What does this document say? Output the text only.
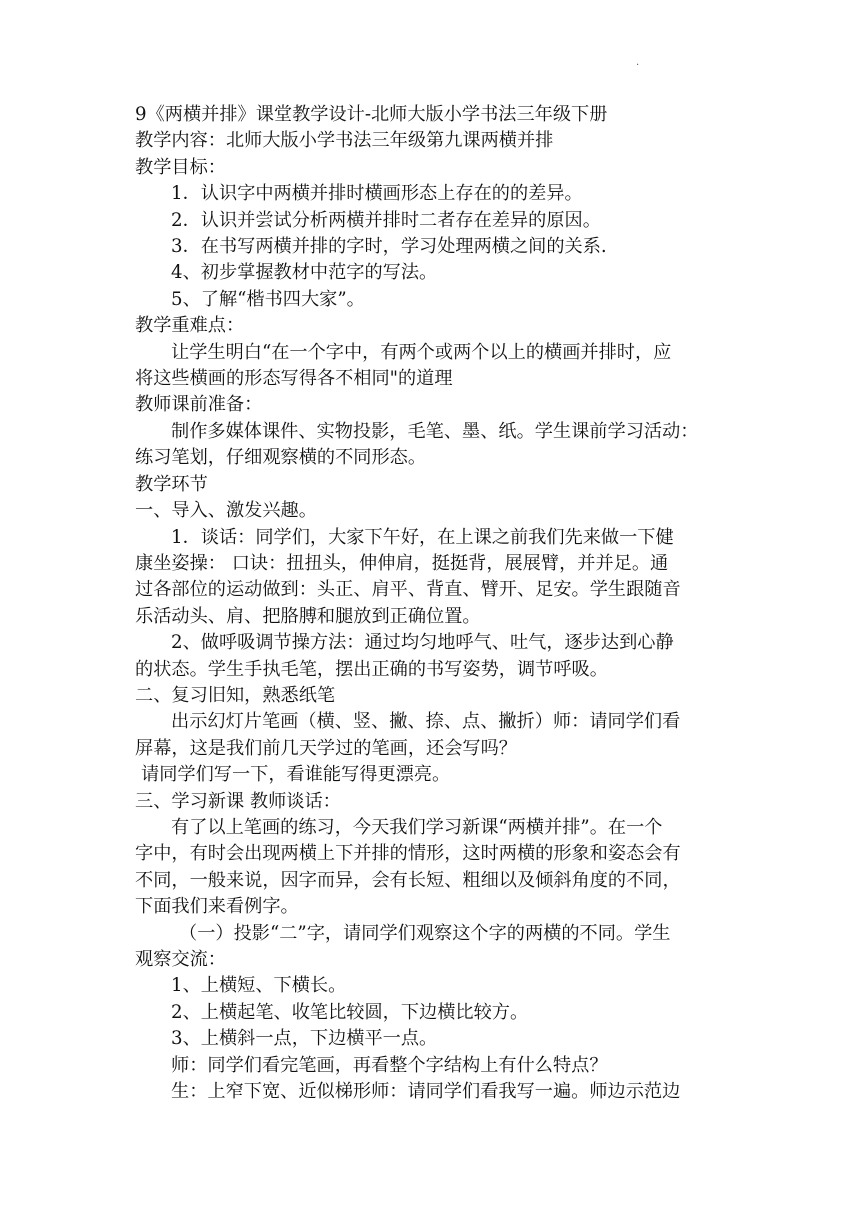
.

9《两横并排》课堂教学设计-北师大版小学书法三年级下册

教学内容：北师大版小学书法三年级第九课两横并排

教学目标：

1．认识字中两横并排时横画形态上存在的的差异。

2．认识并尝试分析两横并排时二者存在差异的原因。

3．在书写两横并排的字时，学习处理两横之间的关系.

4、初步掌握教材中范字的写法。

5、了解“楷书四大家”。

教学重难点：

让学生明白“在一个字中，有两个或两个以上的横画并排时，应

将这些横画的形态写得各不相同"的道理

教师课前准备：

制作多媒体课件、实物投影，毛笔、墨、纸。学生课前学习活动：

练习笔划，仔细观察横的不同形态。

教学环节

一、导入、激发兴趣。

1．谈话：同学们，大家下午好，在上课之前我们先来做一下健

康坐姿操： 口诀：扭扭头，伸伸肩，挺挺背，展展臂，并并足。通

过各部位的运动做到：头正、肩平、背直、臂开、足安。学生跟随音

乐活动头、肩、把胳膊和腿放到正确位置。

2、做呼吸调节操方法：通过均匀地呼气、吐气，逐步达到心静

的状态。学生手执毛笔，摆出正确的书写姿势，调节呼吸。

二、复习旧知，熟悉纸笔

出示幻灯片笔画（横、竖、撇、捺、点、撇折）师：请同学们看

屏幕，这是我们前几天学过的笔画，还会写吗？

请同学们写一下，看谁能写得更漂亮。

三、学习新课 教师谈话：

有了以上笔画的练习，今天我们学习新课“两横并排”。在一个

字中，有时会出现两横上下并排的情形，这时两横的形象和姿态会有

不同，一般来说，因字而异，会有长短、粗细以及倾斜角度的不同，

下面我们来看例字。

（一）投影“二”字，请同学们观察这个字的两横的不同。学生

观察交流：

1、上横短、下横长。

2、上横起笔、收笔比较圆，下边横比较方。

3、上横斜一点，下边横平一点。

师：同学们看完笔画，再看整个字结构上有什么特点？

生：上窄下宽、近似梯形师：请同学们看我写一遍。师边示范边
